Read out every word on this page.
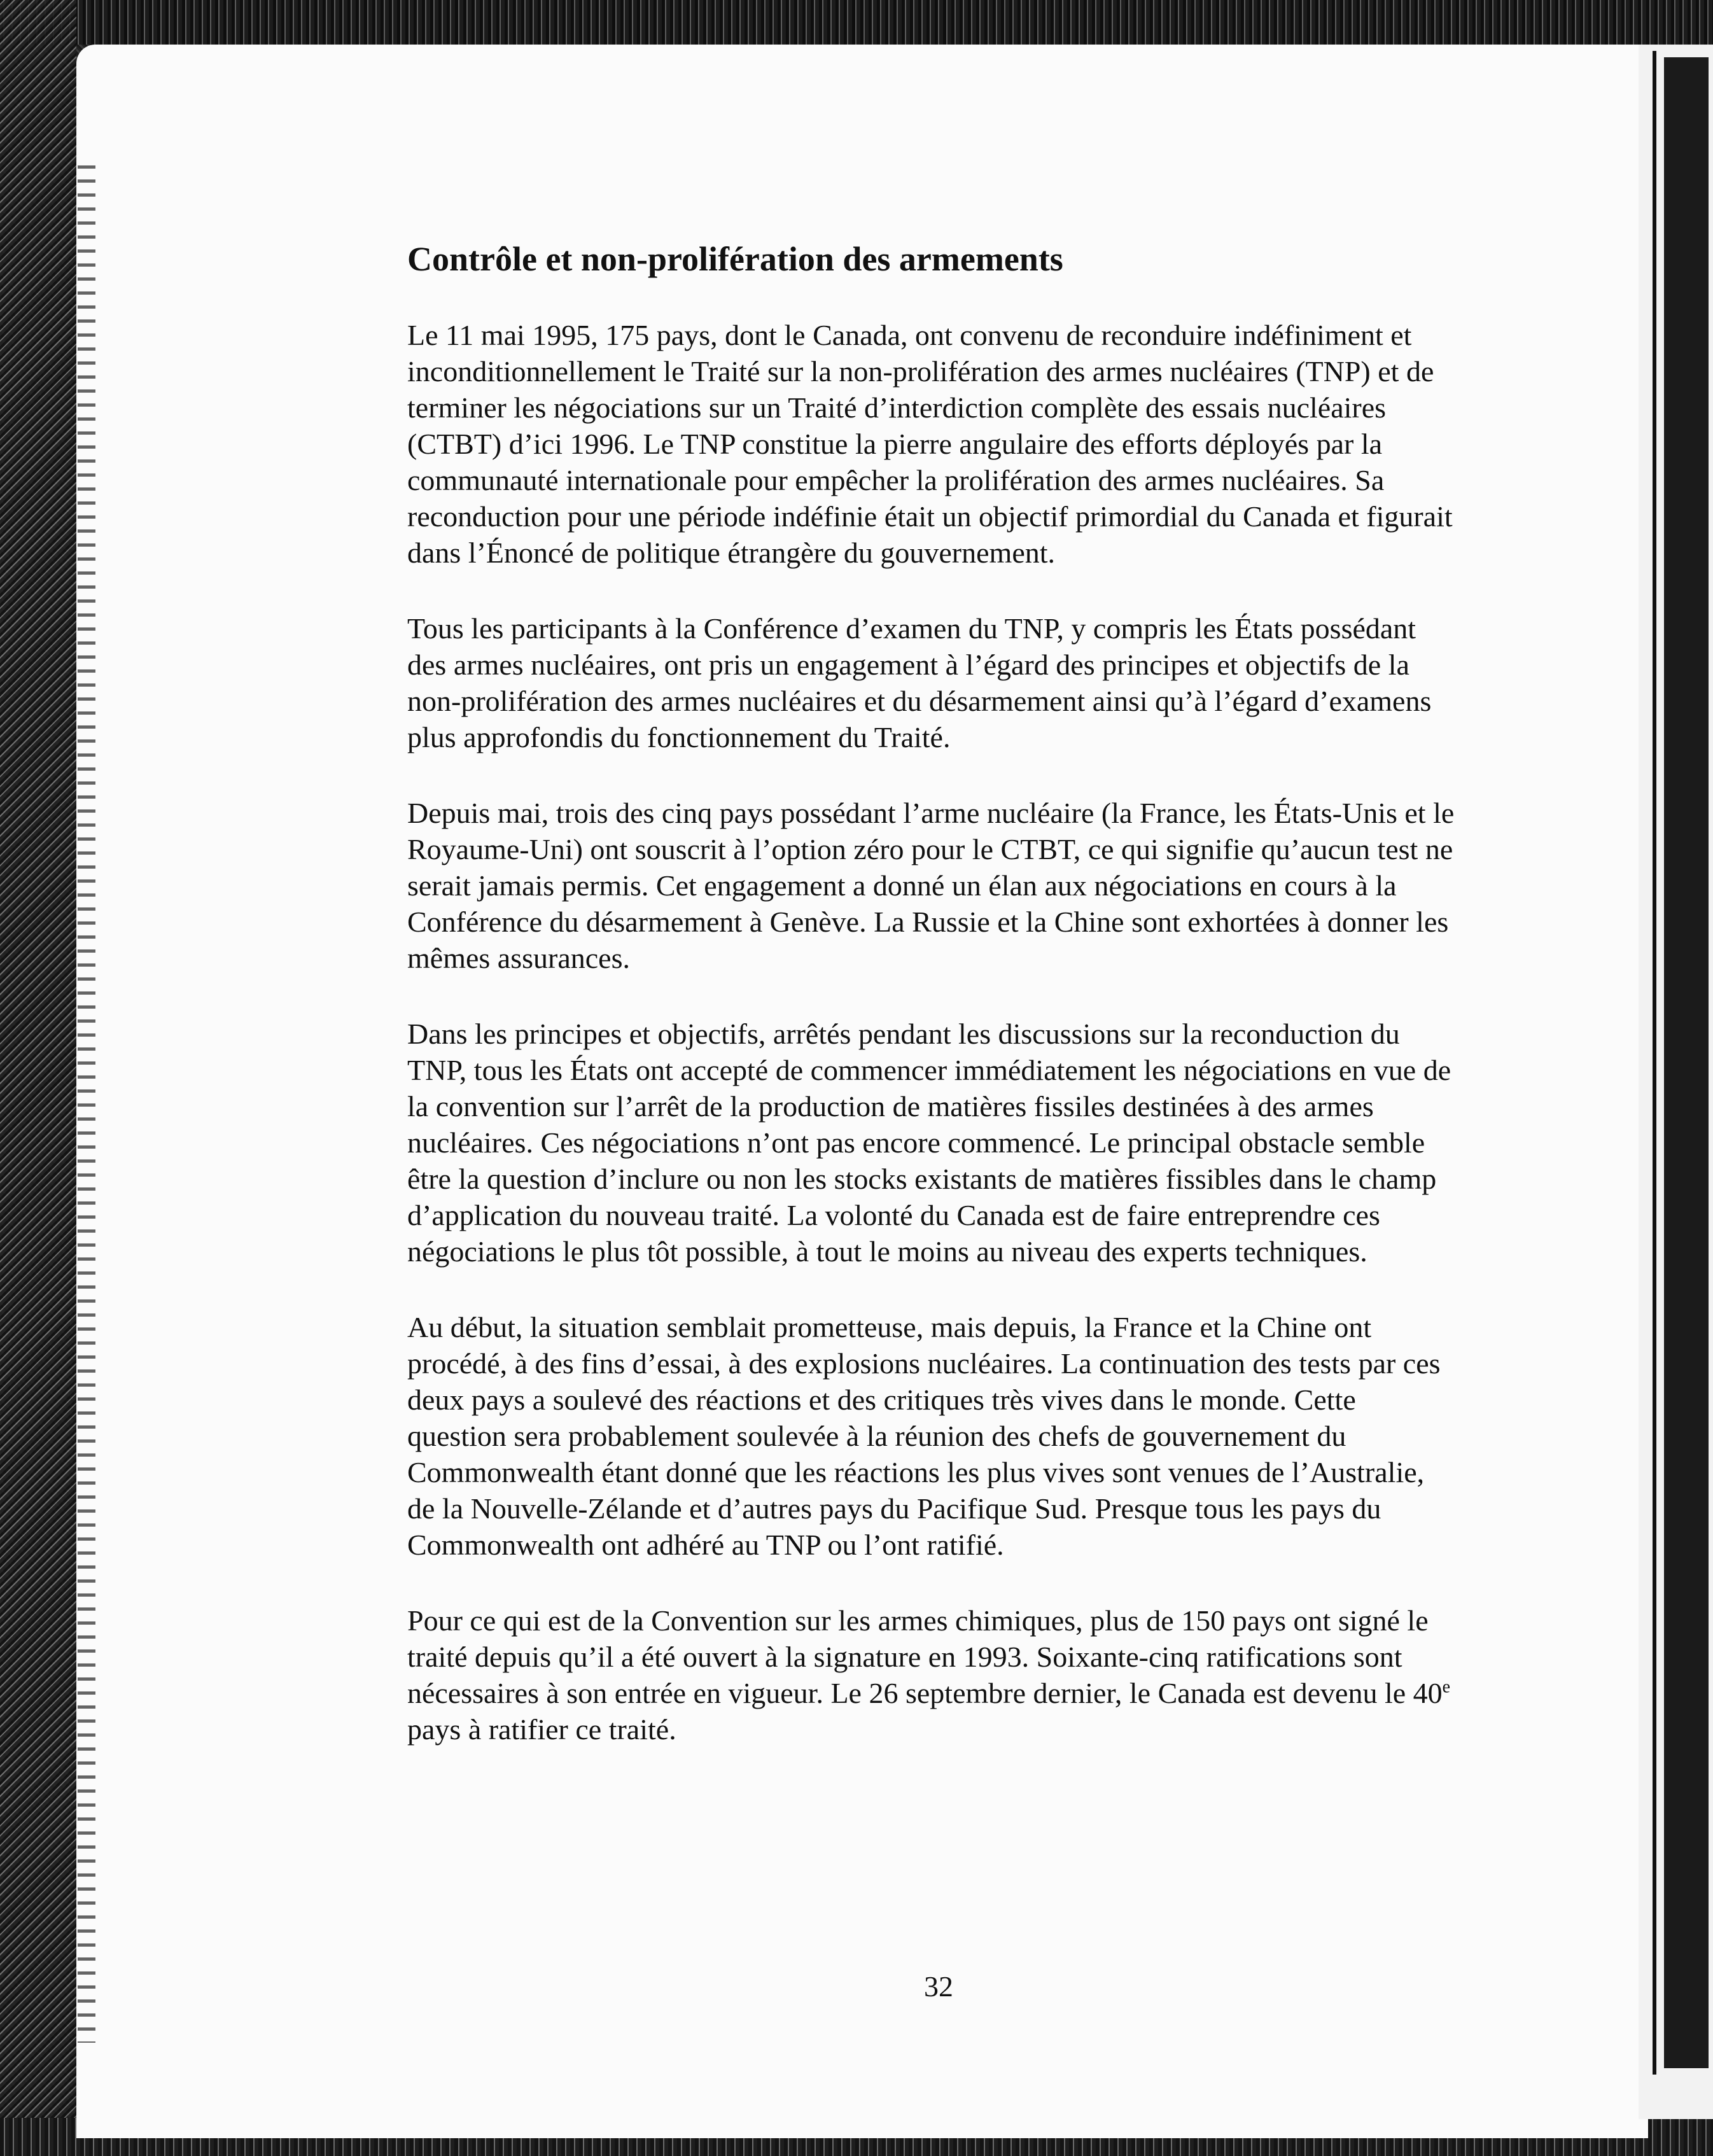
Contrôle et non-prolifération des armements

Le 11 mai 1995, 175 pays, dont le Canada, ont convenu de reconduire indéfiniment et inconditionnellement le Traité sur la non-prolifération des armes nucléaires (TNP) et de terminer les négociations sur un Traité d’interdiction complète des essais nucléaires (CTBT) d’ici 1996. Le TNP constitue la pierre angulaire des efforts déployés par la communauté internationale pour empêcher la prolifération des armes nucléaires. Sa reconduction pour une période indéfinie était un objectif primordial du Canada et figurait dans l’Énoncé de politique étrangère du gouvernement.

Tous les participants à la Conférence d’examen du TNP, y compris les États possédant des armes nucléaires, ont pris un engagement à l’égard des principes et objectifs de la non-prolifération des armes nucléaires et du désarmement ainsi qu’à l’égard d’examens plus approfondis du fonctionnement du Traité.

Depuis mai, trois des cinq pays possédant l’arme nucléaire (la France, les États-Unis et le Royaume-Uni) ont souscrit à l’option zéro pour le CTBT, ce qui signifie qu’aucun test ne serait jamais permis. Cet engagement a donné un élan aux négociations en cours à la Conférence du désarmement à Genève. La Russie et la Chine sont exhortées à donner les mêmes assurances.

Dans les principes et objectifs, arrêtés pendant les discussions sur la reconduction du TNP, tous les États ont accepté de commencer immédiatement les négociations en vue de la convention sur l’arrêt de la production de matières fissiles destinées à des armes nucléaires. Ces négociations n’ont pas encore commencé. Le principal obstacle semble être la question d’inclure ou non les stocks existants de matières fissibles dans le champ d’application du nouveau traité. La volonté du Canada est de faire entreprendre ces négociations le plus tôt possible, à tout le moins au niveau des experts techniques.

Au début, la situation semblait prometteuse, mais depuis, la France et la Chine ont procédé, à des fins d’essai, à des explosions nucléaires. La continuation des tests par ces deux pays a soulevé des réactions et des critiques très vives dans le monde. Cette question sera probablement soulevée à la réunion des chefs de gouvernement du Commonwealth étant donné que les réactions les plus vives sont venues de l’Australie, de la Nouvelle-Zélande et d’autres pays du Pacifique Sud. Presque tous les pays du Commonwealth ont adhéré au TNP ou l’ont ratifié.

Pour ce qui est de la Convention sur les armes chimiques, plus de 150 pays ont signé le traité depuis qu’il a été ouvert à la signature en 1993. Soixante-cinq ratifications sont nécessaires à son entrée en vigueur. Le 26 septembre dernier, le Canada est devenu le 40e pays à ratifier ce traité.

32
